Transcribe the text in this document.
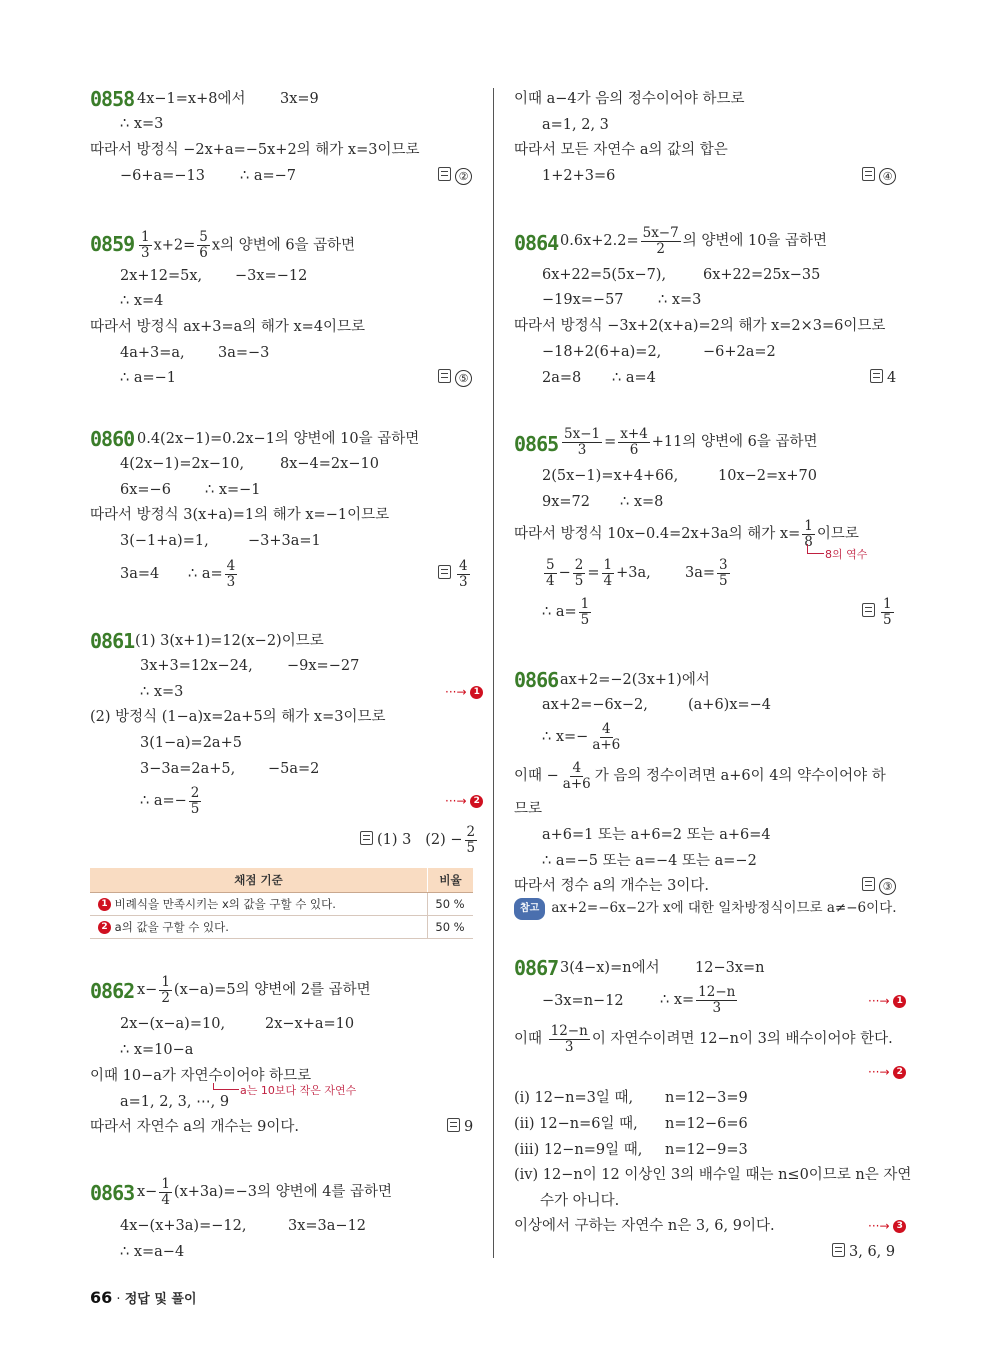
0858 4x−1=x+8에서 3x=9
∴ x=3
따라서 방정식 −2x+a=−5x+2의 해가 x=3이므로
−6+a=−13 ∴ a=−7	②
$0859 \frac{1}{3} x+2= \frac{5}{6}$ x의 양변에 6을 곱하면
2x+12=5x, −3x=−12
∴ x=4
따라서 방정식 ax+3=a의 해가 x=4이므로
4a+3=a, 3a=−3
∴ a=−1	⑤
0860 0.4(2x−1)=0.2x−1의 양변에 10을 곱하면
4(2x−1)=2x−10, 8x−4=2x−10
6x=−6 ∴ x=−1
따라서 방정식 3(x+a)=1의 해가 x=−1이므로
3(−1+a)=1,	−3+3a=1
3a=4 ∴ $a= \frac{4}{3}$	$\frac{4}{3}$
0861 (1) 3(x+1)=12(x−2)이므로
3x+3=12x−24, −9x=−27
∴ x=3	···→ 1
(2) 방정식 (1−a)x=2a+5의 해가 x=3이므로
3(1−a)=2a+5
3−3a=2a+5, −5a=2
∴ $a=- \frac{2}{5}$	···→ 2
(1) 3 $(2) - \frac{2}{5}$
채점 기준	비율
1 비례식을 만족시키는 x의 값을 구할 수 있다.	50 %
2 a의 값을 구할 수 있다.	50 %
0862 $x- \frac{1}{2} (x-a)=5$의 양변에 2를 곱하면
2x−(x−a)=10,	2x−x+a=10
∴ x=10−a
이때 10−a가 자연수이어야 하므로
a는 10보다 작은 자연수
a=1, 2, 3, ⋯, 9
따라서 자연수 a의 개수는 9이다.	9
0863 $x- \frac{1}{4} (x+3a)=-3$의 양변에 4를 곱하면
4x−(x+3a)=−12,	3x=3a−12
∴ x=a−4
66 · 정답 및 풀이
이때 a−4가 음의 정수이어야 하므로
a=1, 2, 3
따라서 모든 자연수 a의 값의 합은
1+2+3=6	④
0864 $0.6x+2.2= \frac{5x-7}{2}$ 의 양변에 10을 곱하면
6x+22=5(5x−7),	6x+22=25x−35
−19x=−57 ∴ x=3
따라서 방정식 −3x+2(x+a)=2의 해가 x=2×3=6이므로
−18+2(6+a)=2,	−6+2a=2
2a=8 ∴ a=4	4
$0865 \frac{5x-1}{3} = \frac{x+4}{6} +11$의 양변에 6을 곱하면
2(5x−1)=x+4+66,	10x−2=x+70
9x=72 ∴ x=8
따라서 방정식 10x−0.4=2x+3a의 해가 $x= \frac{1}{8}$ 이므로
8의 역수
$\frac{5}{4} - \frac{2}{5} = \frac{1}{4} +3a$, $3a= \frac{3}{5}$
∴ $a= \frac{1}{5}$	$\frac{1}{5}$
0866 ax+2=−2(3x+1)에서
ax+2=−6x−2,	(a+6)x=−4
∴ $x=- \frac{4}{a+6}$
이때 − $\frac{4}{a+6}$ 가 음의 정수이려면 a+6이 4의 약수이어야 하
므로
a+6=1 또는 a+6=2 또는 a+6=4
∴ a=−5 또는 a=−4 또는 a=−2
따라서 정수 a의 개수는 3이다.	③
참고 ax+2=−6x−2가 x에 대한 일차방정식이므로 a≠−6이다.
0867 3(4−x)=n에서 12−3x=n
−3x=n−12	∴ $x= \frac{12-n}{3}$	···→ 1
이때 $\frac{12-n}{3}$ 이 자연수이려면 12−n이 3의 배수이어야 한다.
···→ 2
(ⅰ) 12−n=3일 때, n=12−3=9
(ⅱ) 12−n=6일 때, n=12−6=6
(ⅲ) 12−n=9일 때, n=12−9=3
(ⅳ) 12−n이 12 이상인 3의 배수일 때는 n≤0이므로 n은 자연
수가 아니다.
이상에서 구하는 자연수 n은 3, 6, 9이다.	···→ 3
3, 6, 9
